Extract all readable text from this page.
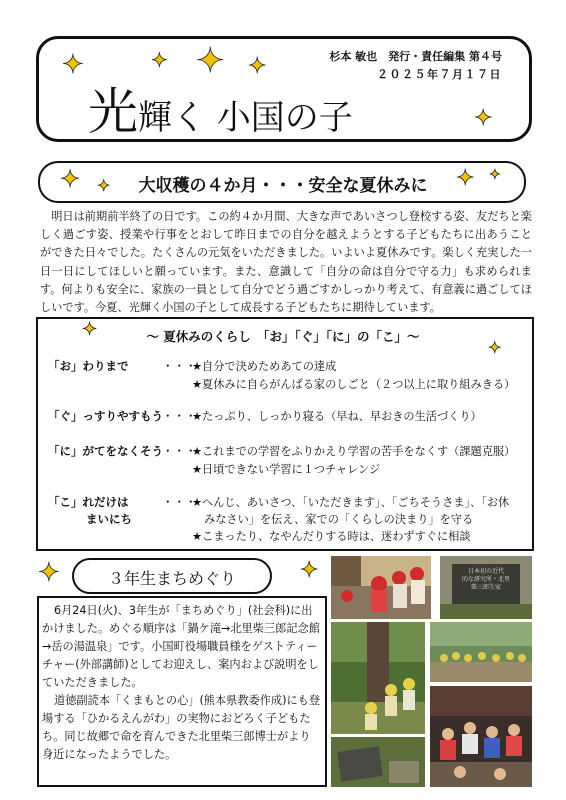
✦	✦ ✦ ✦
✦
杉本 敏也　発行・責任編集 第４号
２０２５年７月１７日
光輝く 小国の子
✦ ✦	✦ ✦
大収穫の４か月・・・安全な夏休みに
明日は前期前半終了の日です。この約４か月間、大きな声であいさつし登校する姿、友だちと楽しく過ごす姿、授業や行事をとおして昨日までの自分を越えようとする子どもたちに出あうことができた日々でした。たくさんの元気をいただきました。いよいよ夏休みです。楽しく充実した一日一日にしてほしいと願っています。また、意識して「自分の命は自分で守る力」も求められます。何よりも安全に、家族の一員として自分でどう過ごすかしっかり考えて、有意義に過ごしてほしいです。今夏、光輝く小国の子として成長する子どもたちに期待しています。
✦
✦
～ 夏休みのくらし　「お」「ぐ」「に」の「こ」～
「お」わりまで	・・・
★自分で決めためあての達成
★夏休みに自らがんばる家のしごと（２つ以上に取り組みきる）
「ぐ」っすりやすもう ・・・
★たっぷり、しっかり寝る（早ね、早おきの生活づくり）
「に」がてをなくそう ・・・
★これまでの学習をふりかえり学習の苦手をなくす（課題克服）
★日頃できない学習に１つチャレンジ
「こ」れだけは
まいにち
・・・
★へんじ、あいさつ、「いただきます」、「ごちそうさま」、「お休
みなさい」を伝え、家での「くらしの決まり」を守る
★こまったり、なやんだりする時は、迷わずすぐに相談
✦	✦
３年生まちめぐり
6月24日(火)、3年生が「まちめぐり」(社会科)に出
かけました。めぐる順序は「鍋ケ滝→北里柴三郎記念館
→岳の湯温泉」です。小国町役場職員様をゲストティー
チャー(外部講師)としてお迎えし、案内および説明をし
ていただきました。
道徳副読本「くまもとの心」(熊本県教委作成)にも登
場する「ひかるえんがわ」の実物におどろく子どもた
ち。同じ故郷で命を育んできた北里柴三郎博士がより
身近になったようでした。
日本初の近代
的な研究所・北里
柴三郎生家
